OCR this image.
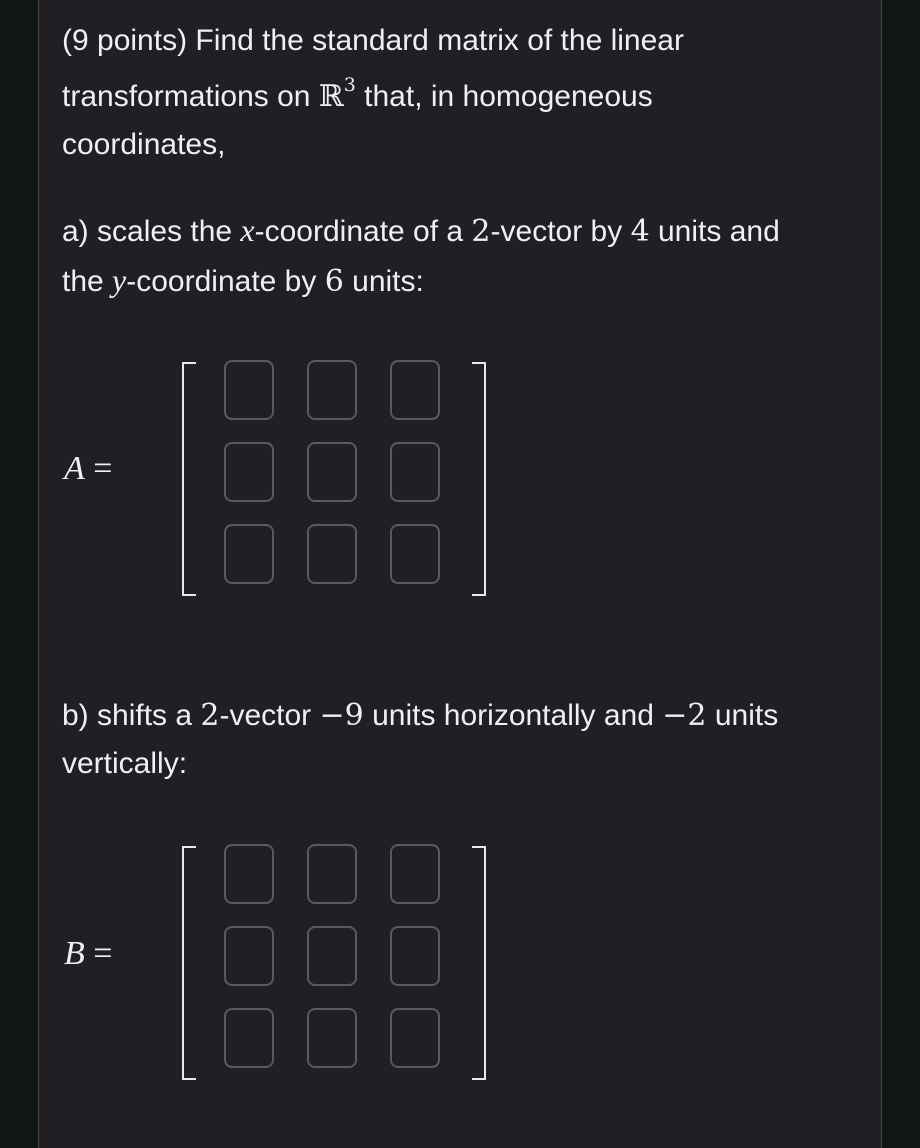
(9 points) Find the standard matrix of the linear
transformations on ℝ$^3$ that, in homogeneous
coordinates,

a) scales the x-coordinate of a 2-vector by 4 units and
the y-coordinate by 6 units:

A =

b) shifts a 2-vector −9 units horizontally and −2 units
vertically:

B =
